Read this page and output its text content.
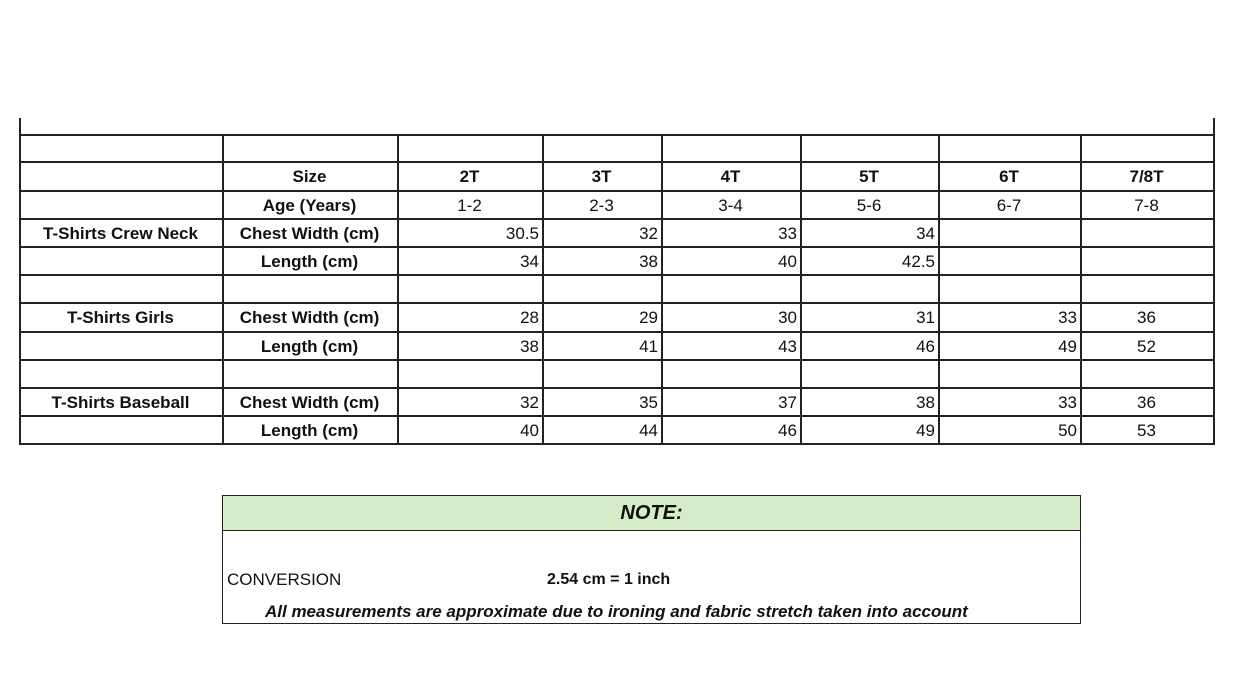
Size	2T	3T	4T	5T	6T	7/8T
Age (Years)	1-2	2-3	3-4	5-6	6-7	7-8
T-Shirts Crew Neck	Chest Width (cm)	30.5	32	33	34
Length (cm)	34	38	40	42.5
T-Shirts Girls	Chest Width (cm)	28	29	30	31	33	36
Length (cm)	38	41	43	46	49	52
T-Shirts Baseball	Chest Width (cm)	32	35	37	38	33	36
Length (cm)	40	44	46	49	50	53
NOTE:
CONVERSION	2.54 cm = 1 inch
All measurements are approximate due to ironing and fabric stretch taken into account
